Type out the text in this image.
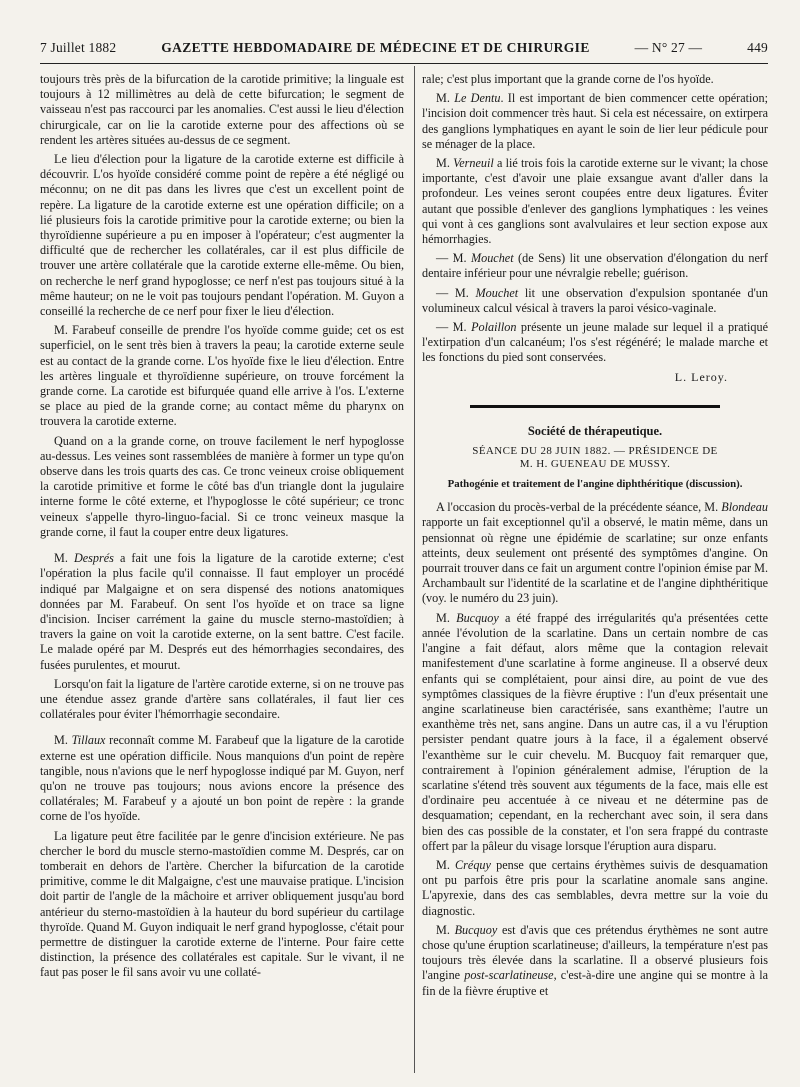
7 Juillet 1882	GAZETTE HEBDOMADAIRE DE MÉDECINE ET DE CHIRURGIE	— N° 27 —	449

toujours très près de la bifurcation de la carotide primitive; la linguale est toujours à 12 millimètres au delà de cette bifurcation; le segment de vaisseau n'est pas raccourci par les anomalies. C'est aussi le lieu d'élection chirurgicale, car on lie la carotide externe pour des affections où se rendent les artères situées au-dessus de ce segment.

Le lieu d'élection pour la ligature de la carotide externe est difficile à découvrir. L'os hyoïde considéré comme point de repère a été négligé ou méconnu; on ne dit pas dans les livres que c'est un excellent point de repère. La ligature de la carotide externe est une opération difficile; on a lié plusieurs fois la carotide primitive pour la carotide externe; ou bien la thyroïdienne supérieure a pu en imposer à l'opérateur; c'est augmenter la difficulté que de rechercher les collatérales, car il est plus difficile de trouver une artère collatérale que la carotide externe elle-même. Ou bien, on recherche le nerf grand hypoglosse; ce nerf n'est pas toujours situé à la même hauteur; on ne le voit pas toujours pendant l'opération. M. Guyon a conseillé la recherche de ce nerf pour fixer le lieu d'élection.

M. Farabeuf conseille de prendre l'os hyoïde comme guide; cet os est superficiel, on le sent très bien à travers la peau; la carotide externe seule est au contact de la grande corne. L'os hyoïde fixe le lieu d'élection. Entre les artères linguale et thyroïdienne supérieure, on trouve forcément la grande corne. La carotide est bifurquée quand elle arrive à l'os. L'externe se place au pied de la grande corne; au contact même du pharynx on trouvera la carotide externe.

Quand on a la grande corne, on trouve facilement le nerf hypoglosse au-dessus. Les veines sont rassemblées de manière à former un type qu'on observe dans les trois quarts des cas. Ce tronc veineux croise obliquement la carotide primitive et forme le côté bas d'un triangle dont la jugulaire interne forme le côté externe, et l'hypoglosse le côté supérieur; ce tronc veineux s'appelle thyro-linguo-facial. Si ce tronc veineux masque la grande corne, il faut la couper entre deux ligatures.

M. Després a fait une fois la ligature de la carotide externe; c'est l'opération la plus facile qu'il connaisse. Il faut employer un procédé indiqué par Malgaigne et on sera dispensé des notions anatomiques données par M. Farabeuf. On sent l'os hyoïde et on trace sa ligne d'incision. Inciser carrément la gaine du muscle sterno-mastoïdien; à travers la gaine on voit la carotide externe, on la sent battre. C'est facile. Le malade opéré par M. Després eut des hémorrhagies secondaires, des fusées purulentes, et mourut.

Lorsqu'on fait la ligature de l'artère carotide externe, si on ne trouve pas une étendue assez grande d'artère sans collatérales, il faut lier ces collatérales pour éviter l'hémorrhagie secondaire.

M. Tillaux reconnaît comme M. Farabeuf que la ligature de la carotide externe est une opération difficile. Nous manquions d'un point de repère tangible, nous n'avions que le nerf hypoglosse indiqué par M. Guyon, nerf qu'on ne trouve pas toujours; nous avions encore la présence des collatérales; M. Farabeuf y a ajouté un bon point de repère : la grande corne de l'os hyoïde.

La ligature peut être facilitée par le genre d'incision extérieure. Ne pas chercher le bord du muscle sterno-mastoïdien comme M. Després, car on tomberait en dehors de l'artère. Chercher la bifurcation de la carotide primitive, comme le dit Malgaigne, c'est une mauvaise pratique. L'incision doit partir de l'angle de la mâchoire et arriver obliquement jusqu'au bord antérieur du sterno-mastoïdien à la hauteur du bord supérieur du cartilage thyroïde. Quand M. Guyon indiquait le nerf grand hypoglosse, c'était pour permettre de distinguer la carotide externe de l'interne. Pour faire cette distinction, la présence des collatérales est capitale. Sur le vivant, il ne faut pas poser le fil sans avoir vu une collaté-

rale; c'est plus important que la grande corne de l'os hyoïde.

M. Le Dentu. Il est important de bien commencer cette opération; l'incision doit commencer très haut. Si cela est nécessaire, on extirpera des ganglions lymphatiques en ayant le soin de lier leur pédicule pour se ménager de la place.

M. Verneuil a lié trois fois la carotide externe sur le vivant; la chose importante, c'est d'avoir une plaie exsangue avant d'aller dans la profondeur. Les veines seront coupées entre deux ligatures. Éviter autant que possible d'enlever des ganglions lymphatiques : les veines qui vont à ces ganglions sont avalvulaires et leur section expose aux hémorrhagies.

— M. Mouchet (de Sens) lit une observation d'élongation du nerf dentaire inférieur pour une névralgie rebelle; guérison.

— M. Mouchet lit une observation d'expulsion spontanée d'un volumineux calcul vésical à travers la paroi vésico-vaginale.

— M. Polaillon présente un jeune malade sur lequel il a pratiqué l'extirpation d'un calcanéum; l'os s'est régénéré; le malade marche et les fonctions du pied sont conservées.

L. Leroy.
Société de thérapeutique.
SÉANCE DU 28 JUIN 1882. — PRÉSIDENCE DE
M. H. GUENEAU DE MUSSY.
Pathogénie et traitement de l'angine diphthéritique (discussion).

A l'occasion du procès-verbal de la précédente séance, M. Blondeau rapporte un fait exceptionnel qu'il a observé, le matin même, dans un pensionnat où règne une épidémie de scarlatine; sur onze enfants atteints, deux seulement ont présenté des symptômes d'angine. On pourrait trouver dans ce fait un argument contre l'opinion émise par M. Archambault sur l'identité de la scarlatine et de l'angine diphthéritique (voy. le numéro du 23 juin).

M. Bucquoy a été frappé des irrégularités qu'a présentées cette année l'évolution de la scarlatine. Dans un certain nombre de cas l'angine a fait défaut, alors même que la contagion relevait manifestement d'une scarlatine à forme angineuse. Il a observé deux enfants qui se complétaient, pour ainsi dire, au point de vue des symptômes classiques de la fièvre éruptive : l'un d'eux présentait une angine scarlatineuse bien caractérisée, sans exanthème; l'autre un exanthème très net, sans angine. Dans un autre cas, il a vu l'éruption persister pendant quatre jours à la face, il a également observé l'exanthème sur le cuir chevelu. M. Bucquoy fait remarquer que, contrairement à l'opinion généralement admise, l'éruption de la scarlatine s'étend très souvent aux téguments de la face, mais elle est d'ordinaire peu accentuée à ce niveau et ne détermine pas de desquamation; cependant, en la recherchant avec soin, il sera dans bien des cas possible de la constater, et l'on sera frappé du contraste offert par la pâleur du visage lorsque l'éruption aura disparu.

M. Créquy pense que certains érythèmes suivis de desquamation ont pu parfois être pris pour la scarlatine anomale sans angine. L'apyrexie, dans des cas semblables, devra mettre sur la voie du diagnostic.

M. Bucquoy est d'avis que ces prétendus érythèmes ne sont autre chose qu'une éruption scarlatineuse; d'ailleurs, la température n'est pas toujours très élevée dans la scarlatine. Il a observé plusieurs fois l'angine post-scarlatineuse, c'est-à-dire une angine qui se montre à la fin de la fièvre éruptive et
